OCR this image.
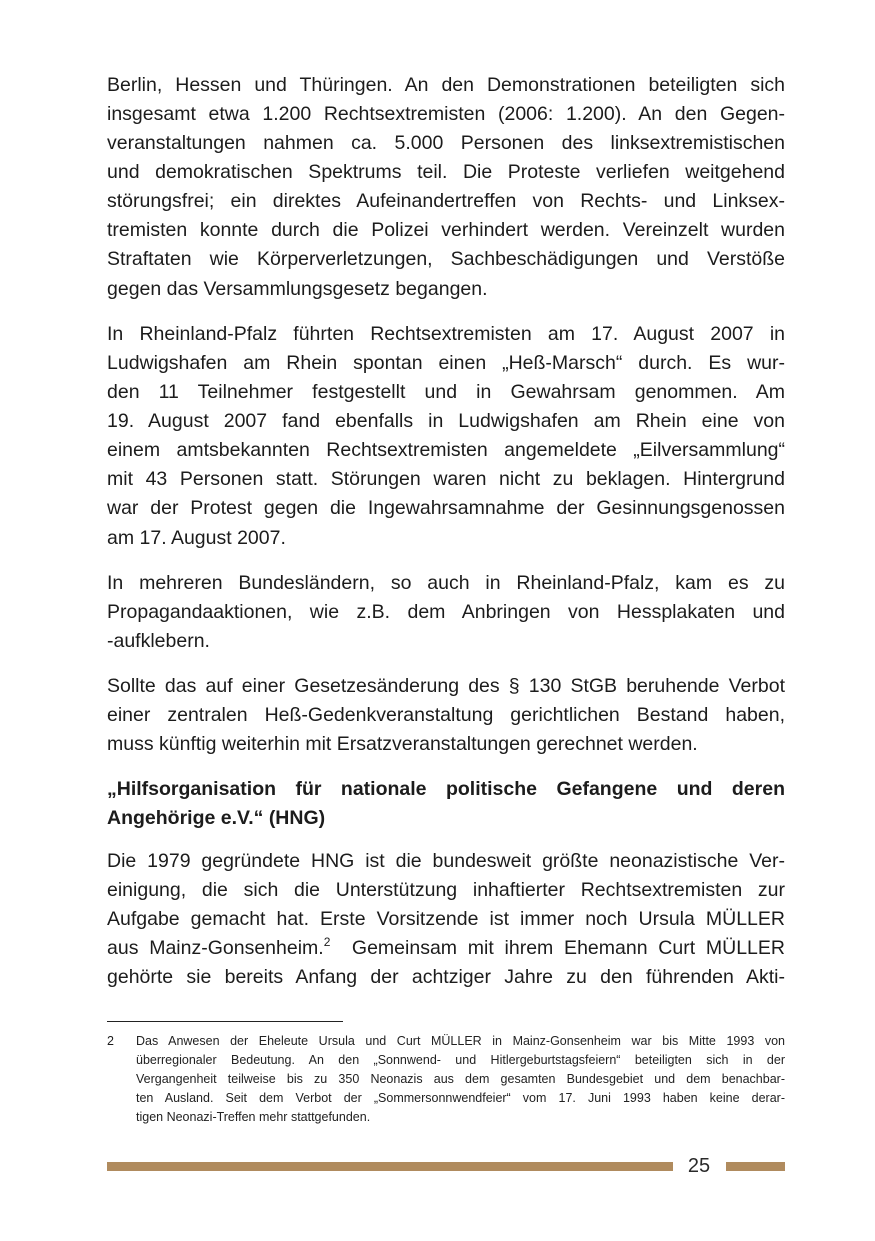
Berlin, Hessen und Thüringen. An den Demonstrationen beteiligten sich
insgesamt etwa 1.200 Rechtsextremisten (2006: 1.200). An den Gegen-
veranstaltungen nahmen ca. 5.000 Personen des linksextremistischen
und demokratischen Spektrums teil. Die Proteste verliefen weitgehend
störungsfrei; ein direktes Aufeinandertreffen von Rechts- und Linksex-
tremisten konnte durch die Polizei verhindert werden. Vereinzelt wurden
Straftaten wie Körperverletzungen, Sachbeschädigungen und Verstöße
gegen das Versammlungsgesetz begangen.
In Rheinland-Pfalz führten Rechtsextremisten am 17. August 2007 in
Ludwigshafen am Rhein spontan einen „Heß-Marsch“ durch. Es wur-
den 11 Teilnehmer festgestellt und in Gewahrsam genommen. Am
19. August 2007 fand ebenfalls in Ludwigshafen am Rhein eine von
einem amtsbekannten Rechtsextremisten angemeldete „Eilversammlung“
mit 43 Personen statt. Störungen waren nicht zu beklagen. Hintergrund
war der Protest gegen die Ingewahrsamnahme der Gesinnungsgenossen
am 17. August 2007.
In mehreren Bundesländern, so auch in Rheinland-Pfalz, kam es zu
Propagandaaktionen, wie z.B. dem Anbringen von Hessplakaten und
-aufklebern.
Sollte das auf einer Gesetzesänderung des § 130 StGB beruhende Verbot
einer zentralen Heß-Gedenkveranstaltung gerichtlichen Bestand haben,
muss künftig weiterhin mit Ersatzveranstaltungen gerechnet werden.
„Hilfsorganisation für nationale politische Gefangene und deren
Angehörige e.V.“ (HNG)
Die 1979 gegründete HNG ist die bundesweit größte neonazistische Ver-
einigung, die sich die Unterstützung inhaftierter Rechtsextremisten zur
Aufgabe gemacht hat. Erste Vorsitzende ist immer noch Ursula MÜLLER
aus Mainz-Gonsenheim.$^2$  Gemeinsam mit ihrem Ehemann Curt MÜLLER
gehörte sie bereits Anfang der achtziger Jahre zu den führenden Akti-
2 Das Anwesen der Eheleute Ursula und Curt MÜLLER in Mainz-Gonsenheim war bis Mitte 1993 von
überregionaler Bedeutung. An den „Sonnwend- und Hitlergeburtstagsfeiern“ beteiligten sich in der
Vergangenheit teilweise bis zu 350 Neonazis aus dem gesamten Bundesgebiet und dem benachbar-
ten Ausland. Seit dem Verbot der „Sommersonnwendfeier“ vom 17. Juni 1993 haben keine derar-
tigen Neonazi-Treffen mehr stattgefunden.
25
